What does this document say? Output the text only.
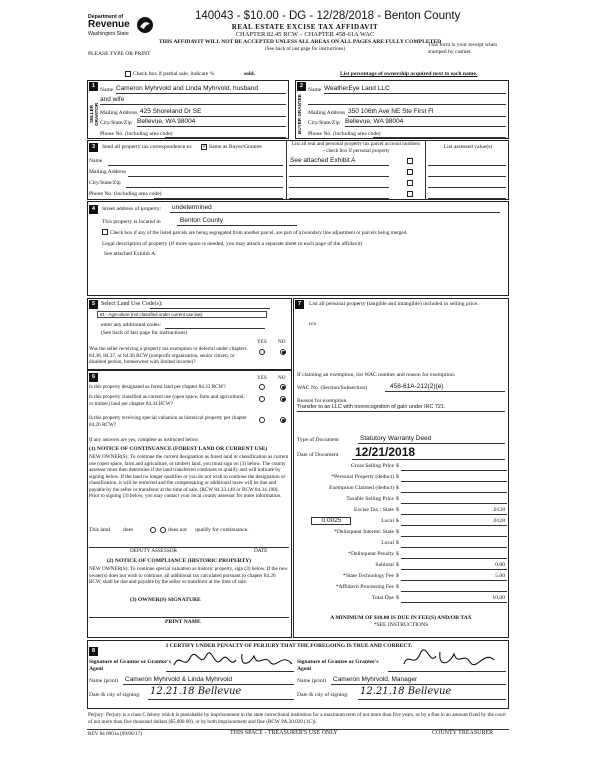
Department of
Revenue
Washington State
140043 - $10.00 - DG - 12/28/2018 - Benton County
REAL ESTATE EXCISE TAX AFFIDAVIT
CHAPTER 82.45 RCW – CHAPTER 458-61A WAC
THIS AFFIDAVIT WILL NOT BE ACCEPTED UNLESS ALL AREAS ON ALL PAGES ARE FULLY COMPLETED
(See back of last page for instructions)
PLEASE TYPE OR PRINT
This form is your receipt when stamped by cashier.
Check box if partial sale, indicate %	sold.	List percentage of ownership acquired next to each name.
1
SELLER GRANTOR
Name Cameron Myhrvold and Linda Myhrvold, husband
and wife
Mailing Address 425 Shoreland Dr SE
City/State/Zip Bellevue, WA 98004
Phone No. (including area code)
2
BUYER GRANTEE
Name WeatherEye Land LLC
Mailing Address 350 106th Ave NE Ste First Fl
City/State/Zip Bellevue, WA 98004
Phone No. (including area code)
3	Send all property tax correspondence to:
✓	Same as Buyer/Grantee	List all real and personal property tax parcel account numbers – check box if personal property
List assessed value(s)
Name
Mailing Address
City/State/Zip
Phone No. (including area code)
See attached Exhibit A
4	Street address of property: undetermined
This property is located in	Benton County
Check box if any of the listed parcels are being segregated from another parcel, are part of a boundary line adjustment or parcels being merged.
Legal description of property (if more space is needed, you may attach a separate sheet to each page of the affidavit)
See attached Exhibit A.
5 Select Land Use Code(s):
81 - Agriculture (not classified under current use law)
enter any additional codes:
(See back of last page for instructions)
YES NO
Was the seller receiving a property tax exemption or deferral under chapters 84.36, 84.37, or 84.38 RCW (nonprofit organization, senior citizen, or disabled person, homeowner with limited income)?
6	YES NO
Is this property designated as forest land per chapter 84.33 RCW?
Is this property classified as current use (open space, farm and agricultural, or timber) land per chapter 84.34 RCW?
Is this property receiving special valuation as historical property per chapter 84.26 RCW?
If any answers are yes, complete as instructed below.
(1) NOTICE OF CONTINUANCE (FOREST LAND OR CURRENT USE)
NEW OWNER(S): To continue the current designation as forest land or classification as current use (open space, farm and agriculture, or timber) land, you must sign on (3) below. The county assessor must then determine if the land transferred continues to qualify and will indicate by signing below. If the land no longer qualifies or you do not wish to continue the designation or classification, it will be removed and the compensating or additional taxes will be due and payable by the seller or transferor at the time of sale. (RCW 84.33.140 or RCW 84.34.108). Prior to signing (3) below, you may contact your local county assessor for more information.
This land does	does not qualify for continuance.
DEPUTY ASSESSOR	DATE
(2) NOTICE OF COMPLIANCE (HISTORIC PROPERTY)
NEW OWNER(S): To continue special valuation as historic property, sign (3) below. If the new owner(s) does not wish to continue, all additional tax calculated pursuant to chapter 84.26 RCW, shall be due and payable by the seller or transferor at the time of sale.
(3) OWNER(S) SIGNATURE
PRINT NAME
7	List all personal property (tangible and intangible) included in selling price.
n/a
If claiming an exemption, list WAC number and reason for exemption:
WAC No. (Section/Subsection)	458-61A-212(2)(e)
Reason for exemption
Transfer to an LLC with nonrecognition of gain under IRC 721.
Type of Document	Statutory Warranty Deed
Date of Document 12/21/2018
Gross Selling Price $
*Personal Property (deduct) $
Exemption Claimed (deduct) $
Taxable Selling Price $
Excise Tax : State $	.0128
0.0025	Local $	.0128
*Delinquent Interest: State $
Local $
*Delinquent Penalty $
Subtotal $	0.00
*State Technology Fee $	5.00
*Affidavit Processing Fee $
Total Due $	10.00
A MINIMUM OF $10.00 IS DUE IN FEE(S) AND/OR TAX
*SEE INSTRUCTIONS
8
I CERTIFY UNDER PENALTY OF PERJURY THAT THE FOREGOING IS TRUE AND CORRECT.
Signature of Grantor or Grantor's Agent
Signature of Grantee or Grantee's Agent
Name (print) Cameron Myhrvold & Linda Myhrvold	Name (print) Cameron Myhrvold, Manager
Date & city of signing: 12.21.18 Bellevue	Date & city of signing: 12.21.18 Bellevue
Perjury: Perjury is a class C felony which is punishable by imprisonment in the state correctional institution for a maximum term of not more than five years, or by a fine in an amount fixed by the court of not more than five thousand dollars ($5,000.00), or by both imprisonment and fine (RCW 9A.20.020 (1C)).
REV 84 0001a (09/06/17)	THIS SPACE - TREASURER'S USE ONLY	COUNTY TREASURER
